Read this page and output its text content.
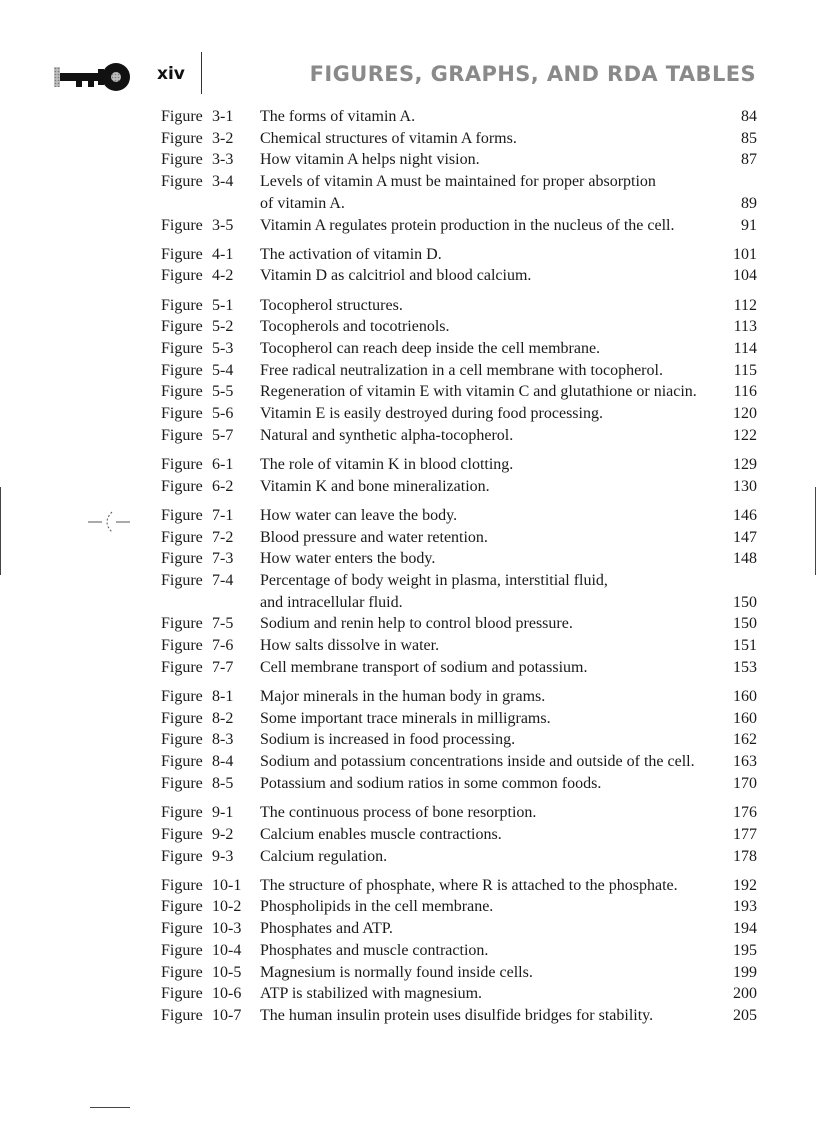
xiv	FIGURES, GRAPHS, AND RDA TABLES
Figure 3-1	The forms of vitamin A.	84
Figure 3-2	Chemical structures of vitamin A forms.	85
Figure 3-3	How vitamin A helps night vision.	87
Figure 3-4	Levels of vitamin A must be maintained for proper absorption
of vitamin A.	89
Figure 3-5	Vitamin A regulates protein production in the nucleus of the cell.	91
Figure 4-1	The activation of vitamin D.	101
Figure 4-2	Vitamin D as calcitriol and blood calcium.	104
Figure 5-1	Tocopherol structures.	112
Figure 5-2	Tocopherols and tocotrienols.	113
Figure 5-3	Tocopherol can reach deep inside the cell membrane.	114
Figure 5-4	Free radical neutralization in a cell membrane with tocopherol.	115
Figure 5-5	Regeneration of vitamin E with vitamin C and glutathione or niacin.	116
Figure 5-6	Vitamin E is easily destroyed during food processing.	120
Figure 5-7	Natural and synthetic alpha-tocopherol.	122
Figure 6-1	The role of vitamin K in blood clotting.	129
Figure 6-2	Vitamin K and bone mineralization.	130
Figure 7-1	How water can leave the body.	146
Figure 7-2	Blood pressure and water retention.	147
Figure 7-3	How water enters the body.	148
Figure 7-4	Percentage of body weight in plasma, interstitial fluid,
and intracellular fluid.	150
Figure 7-5	Sodium and renin help to control blood pressure.	150
Figure 7-6	How salts dissolve in water.	151
Figure 7-7	Cell membrane transport of sodium and potassium.	153
Figure 8-1	Major minerals in the human body in grams.	160
Figure 8-2	Some important trace minerals in milligrams.	160
Figure 8-3	Sodium is increased in food processing.	162
Figure 8-4	Sodium and potassium concentrations inside and outside of the cell.	163
Figure 8-5	Potassium and sodium ratios in some common foods.	170
Figure 9-1	The continuous process of bone resorption.	176
Figure 9-2	Calcium enables muscle contractions.	177
Figure 9-3	Calcium regulation.	178
Figure 10-1	The structure of phosphate, where R is attached to the phosphate.	192
Figure 10-2	Phospholipids in the cell membrane.	193
Figure 10-3	Phosphates and ATP.	194
Figure 10-4	Phosphates and muscle contraction.	195
Figure 10-5	Magnesium is normally found inside cells.	199
Figure 10-6	ATP is stabilized with magnesium.	200
Figure 10-7	The human insulin protein uses disulfide bridges for stability.	205
